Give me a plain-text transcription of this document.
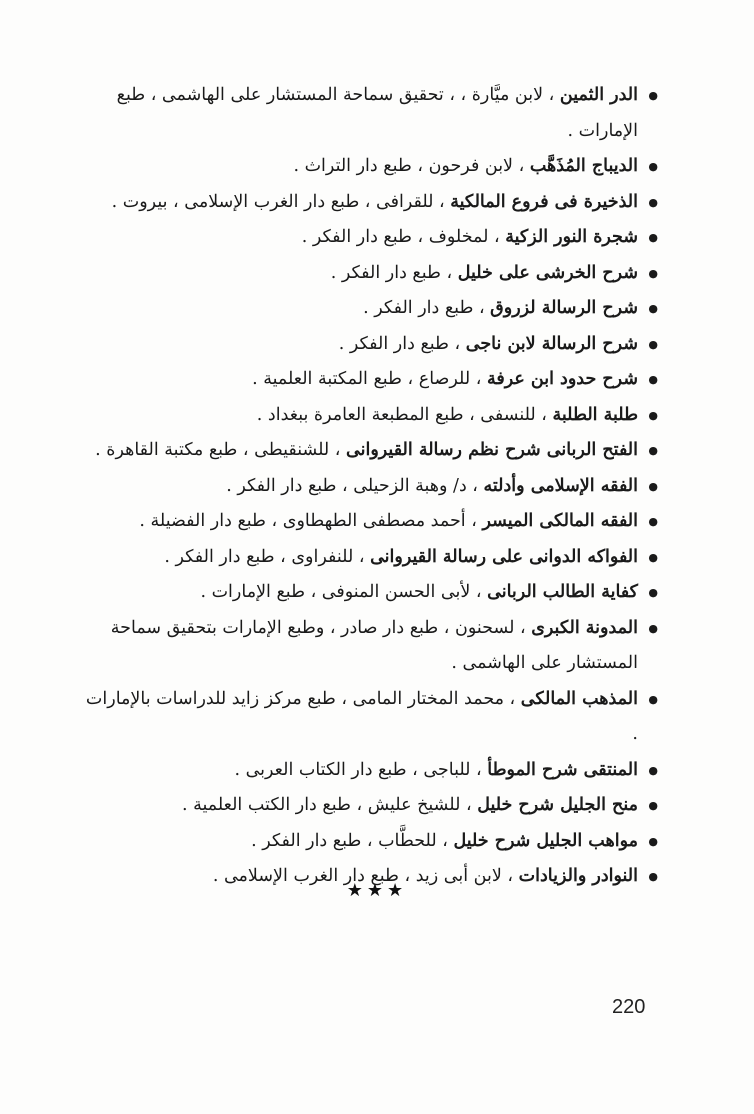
●
الدر الثمين ، لابن ميَّارة ، ، تحقيق سماحة المستشار على الهاشمى ، طبع الإمارات .
●
الديباج المُذَهَّب ، لابن فرحون ، طبع دار التراث .
●
الذخيرة فى فروع المالكية ، للقرافى ، طبع دار الغرب الإسلامى ، بيروت .
●
شجرة النور الزكية ، لمخلوف ، طبع دار الفكر .
●
شرح الخرشى على خليل ، طبع دار الفكر .
●
شرح الرسالة لزروق ، طبع دار الفكر .
●
شرح الرسالة لابن ناجى ، طبع دار الفكر .
●
شرح حدود ابن عرفة ، للرصاع ، طبع المكتبة العلمية .
●
طلبة الطلبة ، للنسفى ، طبع المطبعة العامرة ببغداد .
●
الفتح الربانى شرح نظم رسالة القيروانى ، للشنقيطى ، طبع مكتبة القاهرة .
●
الفقه الإسلامى وأدلته ، د/ وهبة الزحيلى ، طبع دار الفكر .
●
الفقه المالكى الميسر ، أحمد مصطفى الطهطاوى ، طبع دار الفضيلة .
●
الفواكه الدوانى على رسالة القيروانى ، للنفراوى ، طبع دار الفكر .
●
كفاية الطالب الربانى ، لأبى الحسن المنوفى ، طبع الإمارات .
●
المدونة الكبرى ، لسحنون ، طبع دار صادر ، وطبع الإمارات بتحقيق سماحة المستشار على الهاشمى .
●
المذهب المالكى ، محمد المختار المامى ، طبع مركز زايد للدراسات بالإمارات .
●
المنتقى شرح الموطأ ، للباجى ، طبع دار الكتاب العربى .
●
منح الجليل شرح خليل ، للشيخ عليش ، طبع دار الكتب العلمية .
●
مواهب الجليل شرح خليل ، للحطَّاب ، طبع دار الفكر .
●
النوادر والزيادات ، لابن أبى زيد ، طبع دار الغرب الإسلامى .
★★★
220
